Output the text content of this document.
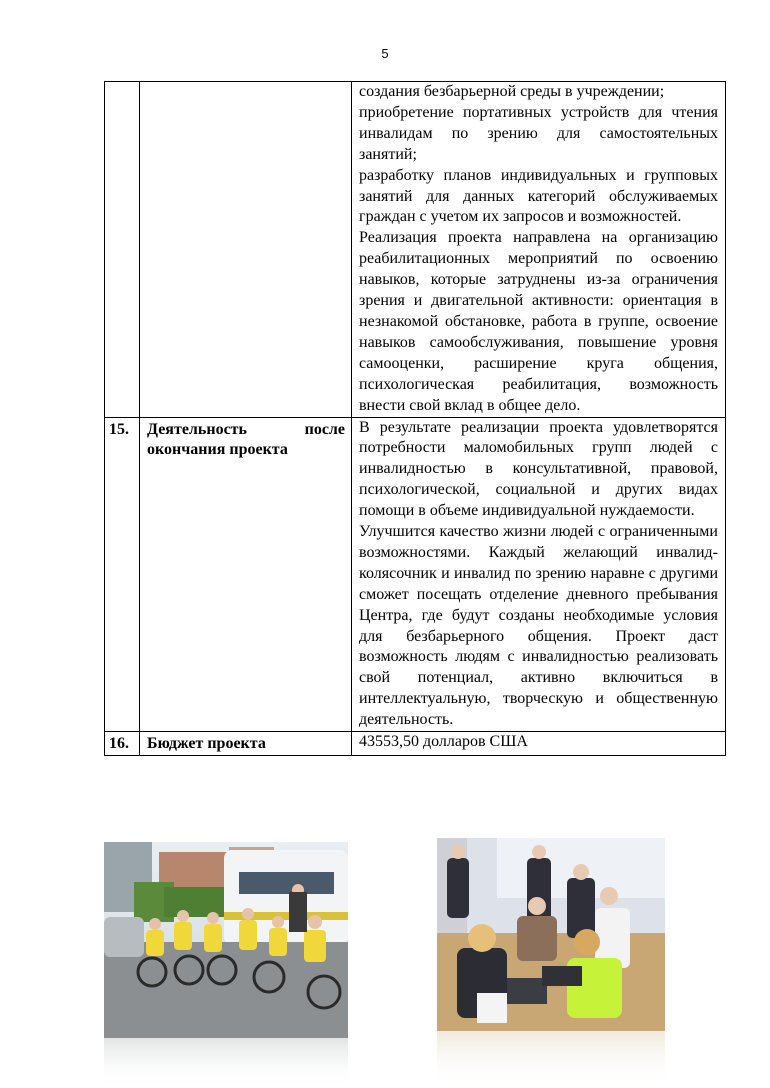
5

		создания безбарьерной среды в учреждении;

приобретение портативных устройств для чтения инвалидам по зрению для самостоятельных занятий;

разработку планов индивидуальных и групповых занятий для данных категорий обслуживаемых граждан с учетом их запросов и возможностей.

Реализация проекта направлена на организацию реабилитационных мероприятий по освоению навыков, которые затруднены из-за ограничения зрения и двигательной активности: ориентация в незнакомой обстановке, работа в группе, освоение навыков самообслуживания, повышение уровня самооценки, расширение круга общения, психологическая реабилитация, возможность внести свой вклад в общее дело.

15.	Деятельность после окончания проекта	В результате реализации проекта удовлетворятся потребности маломобильных групп людей с инвалидностью в консультативной, правовой, психологической, социальной и других видах помощи в объеме индивидуальной нуждаемости.

Улучшится качество жизни людей с ограниченными возможностями. Каждый желающий инвалид-колясочник и инвалид по зрению наравне с другими сможет посещать отделение дневного пребывания Центра, где будут созданы необходимые условия для безбарьерного общения. Проект даст возможность людям с инвалидностью реализовать свой потенциал, активно включиться в интеллектуальную, творческую и общественную деятельность.

16.	Бюджет проекта	43553,50 долларов США
